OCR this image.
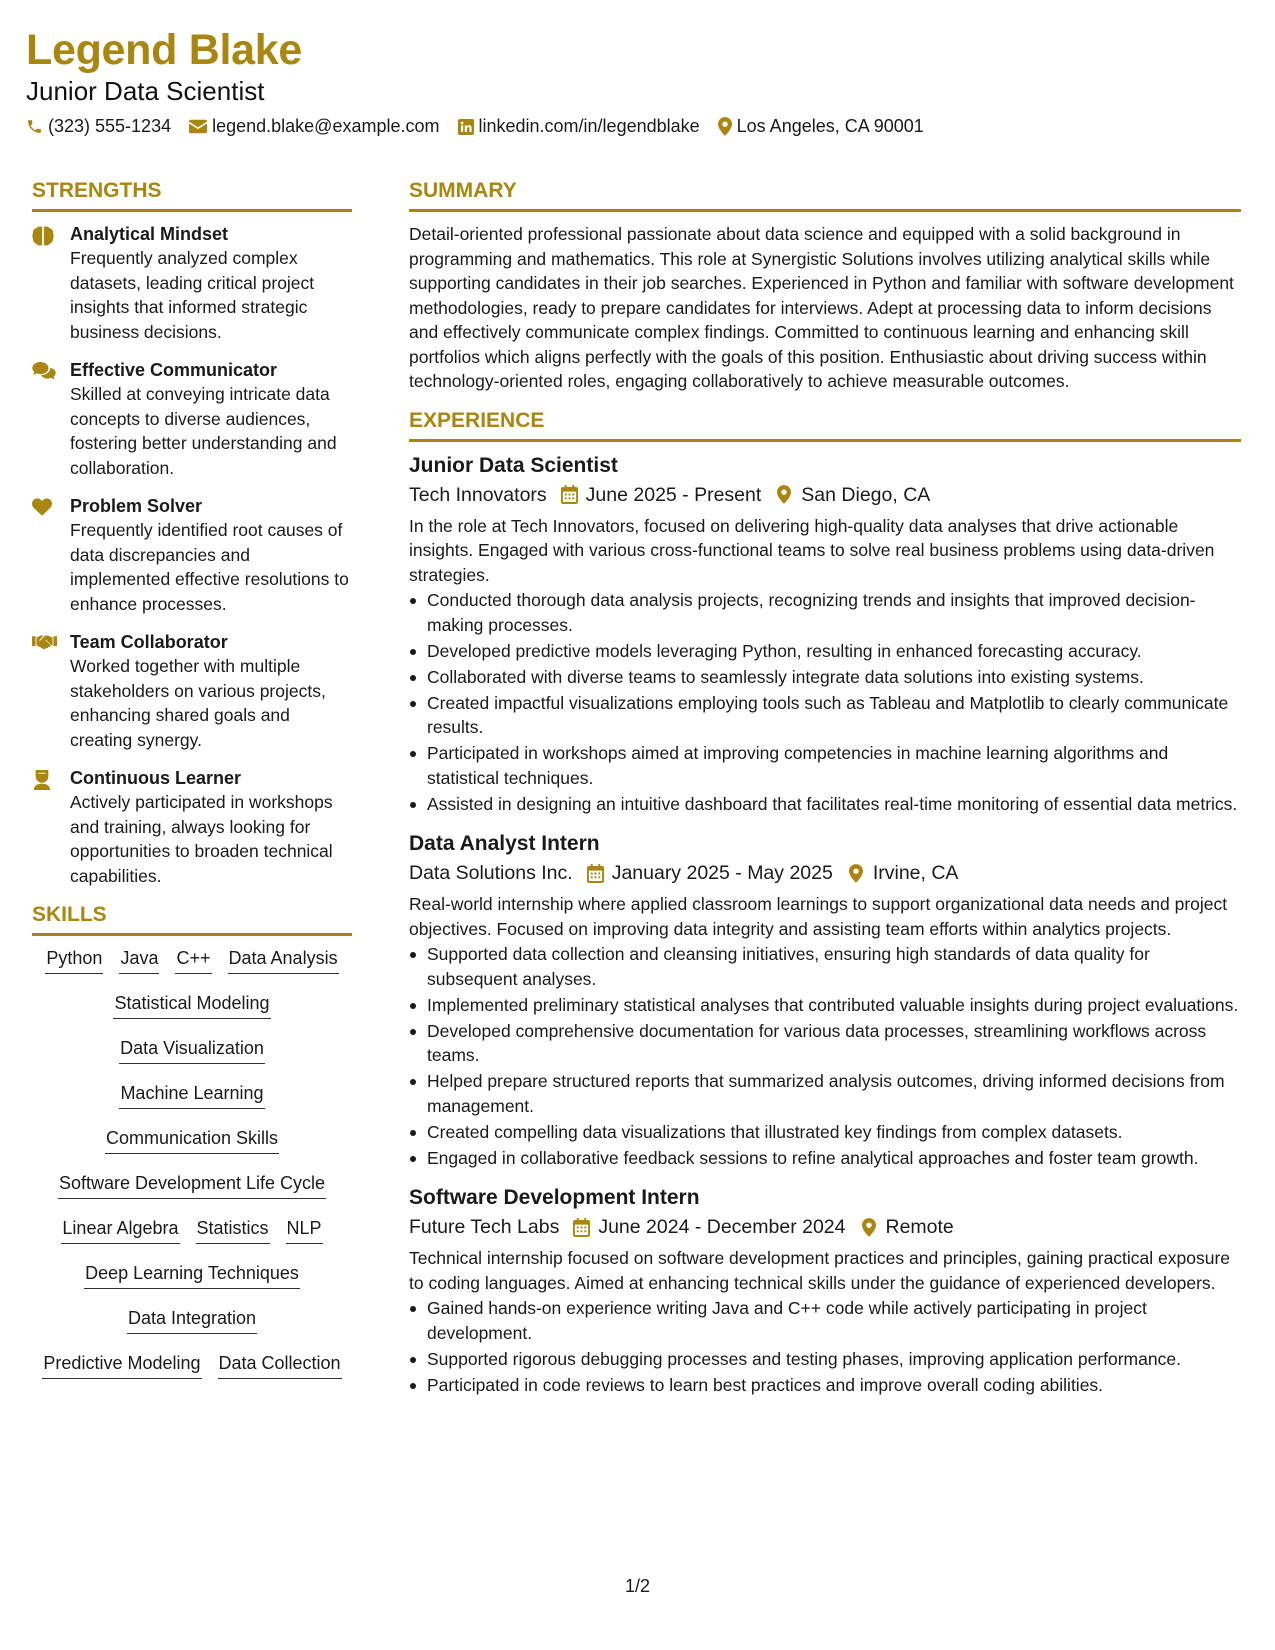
Legend Blake
Junior Data Scientist
(323) 555-1234 legend.blake@example.com linkedin.com/in/legendblake Los Angeles, CA 90001
STRENGTHS
Analytical Mindset
Frequently analyzed complex datasets, leading critical project insights that informed strategic business decisions.
Effective Communicator
Skilled at conveying intricate data concepts to diverse audiences, fostering better understanding and collaboration.
Problem Solver
Frequently identified root causes of data discrepancies and implemented effective resolutions to enhance processes.
Team Collaborator
Worked together with multiple stakeholders on various projects, enhancing shared goals and creating synergy.
Continuous Learner
Actively participated in workshops and training, always looking for opportunities to broaden technical capabilities.
SKILLS
Python Java C++ Data Analysis
Statistical Modeling
Data Visualization
Machine Learning
Communication Skills
Software Development Life Cycle
Linear Algebra Statistics NLP
Deep Learning Techniques
Data Integration
Predictive Modeling Data Collection
SUMMARY
Detail-oriented professional passionate about data science and equipped with a solid background in programming and mathematics. This role at Synergistic Solutions involves utilizing analytical skills while supporting candidates in their job searches. Experienced in Python and familiar with software development methodologies, ready to prepare candidates for interviews. Adept at processing data to inform decisions and effectively communicate complex findings. Committed to continuous learning and enhancing skill portfolios which aligns perfectly with the goals of this position. Enthusiastic about driving success within technology-oriented roles, engaging collaboratively to achieve measurable outcomes.
EXPERIENCE
Junior Data Scientist
Tech Innovators June 2025 - Present San Diego, CA
In the role at Tech Innovators, focused on delivering high-quality data analyses that drive actionable insights. Engaged with various cross-functional teams to solve real business problems using data-driven strategies.
Conducted thorough data analysis projects, recognizing trends and insights that improved decision-making processes.
Developed predictive models leveraging Python, resulting in enhanced forecasting accuracy.
Collaborated with diverse teams to seamlessly integrate data solutions into existing systems.
Created impactful visualizations employing tools such as Tableau and Matplotlib to clearly communicate results.
Participated in workshops aimed at improving competencies in machine learning algorithms and statistical techniques.
Assisted in designing an intuitive dashboard that facilitates real-time monitoring of essential data metrics.
Data Analyst Intern
Data Solutions Inc. January 2025 - May 2025 Irvine, CA
Real-world internship where applied classroom learnings to support organizational data needs and project objectives. Focused on improving data integrity and assisting team efforts within analytics projects.
Supported data collection and cleansing initiatives, ensuring high standards of data quality for subsequent analyses.
Implemented preliminary statistical analyses that contributed valuable insights during project evaluations.
Developed comprehensive documentation for various data processes, streamlining workflows across teams.
Helped prepare structured reports that summarized analysis outcomes, driving informed decisions from management.
Created compelling data visualizations that illustrated key findings from complex datasets.
Engaged in collaborative feedback sessions to refine analytical approaches and foster team growth.
Software Development Intern
Future Tech Labs June 2024 - December 2024 Remote
Technical internship focused on software development practices and principles, gaining practical exposure to coding languages. Aimed at enhancing technical skills under the guidance of experienced developers.
Gained hands-on experience writing Java and C++ code while actively participating in project development.
Supported rigorous debugging processes and testing phases, improving application performance.
Participated in code reviews to learn best practices and improve overall coding abilities.
1/2
